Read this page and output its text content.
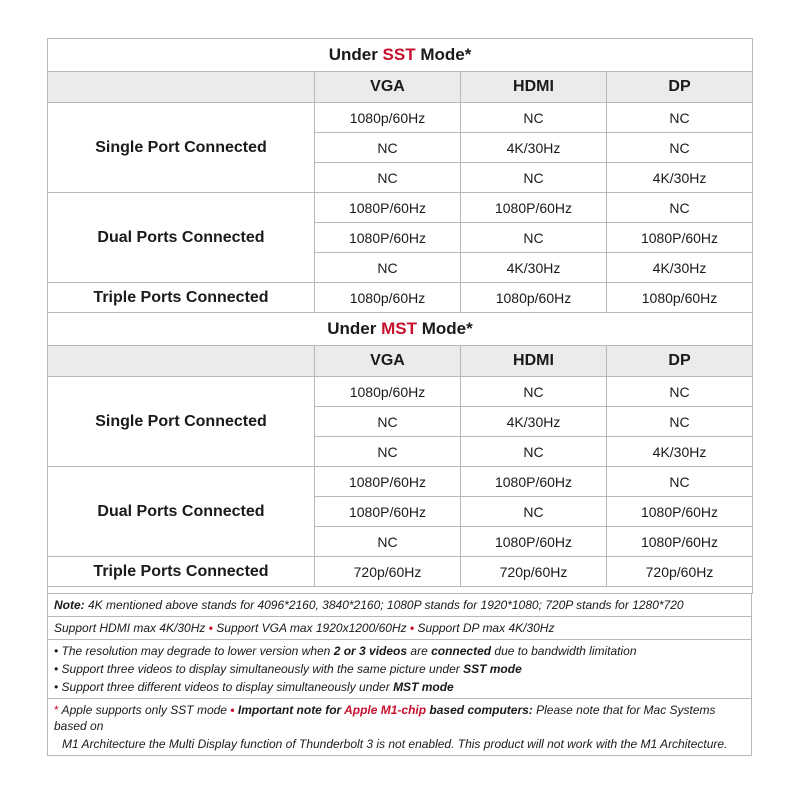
Under SST Mode*			
	VGA	HDMI	DP
Single Port Connected	1080p/60Hz	NC	NC
	NC	4K/30Hz	NC
	NC	NC	4K/30Hz
Dual Ports Connected	1080P/60Hz	1080P/60Hz	NC
	1080P/60Hz	NC	1080P/60Hz
	NC	4K/30Hz	4K/30Hz
Triple Ports Connected	1080p/60Hz	1080p/60Hz	1080p/60Hz
Under MST Mode*			
	VGA	HDMI	DP
Single Port Connected	1080p/60Hz	NC	NC
	NC	4K/30Hz	NC
	NC	NC	4K/30Hz
Dual Ports Connected	1080P/60Hz	1080P/60Hz	NC
	1080P/60Hz	NC	1080P/60Hz
	NC	1080P/60Hz	1080P/60Hz
Triple Ports Connected	720p/60Hz	720p/60Hz	720p/60Hz

Note: 4K mentioned above stands for 4096*2160, 3840*2160; 1080P stands for 1920*1080; 720P stands for 1280*720
Support HDMI max 4K/30Hz • Support VGA max 1920x1200/60Hz • Support DP max 4K/30Hz
• The resolution may degrade to lower version when 2 or 3 videos are connected due to bandwidth limitation
• Support three videos to display simultaneously with the same picture under SST mode
• Support three different videos to display simultaneously under MST mode
* Apple supports only SST mode • Important note for Apple M1-chip based computers: Please note that for Mac Systems based on
M1 Architecture the Multi Display function of Thunderbolt 3 is not enabled. This product will not work with the M1 Architecture.
